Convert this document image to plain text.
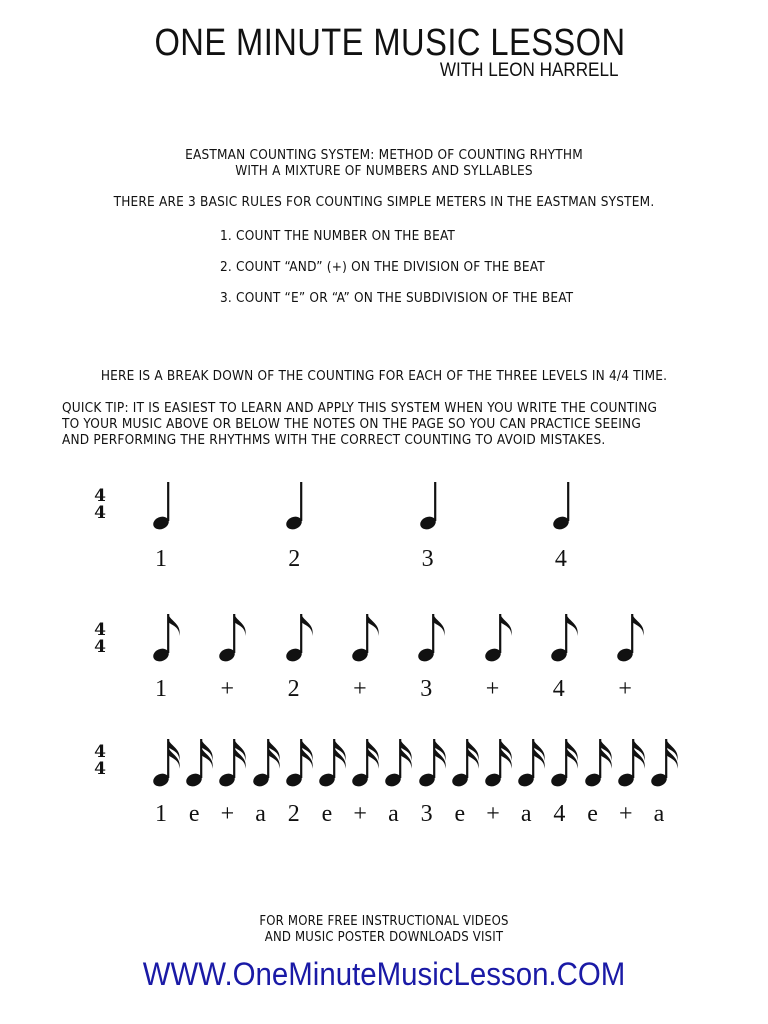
ONE MINUTE MUSIC LESSON
WITH LEON HARRELL
EASTMAN COUNTING SYSTEM: METHOD OF COUNTING RHYTHM
WITH A MIXTURE OF NUMBERS AND SYLLABLES
THERE ARE 3 BASIC RULES FOR COUNTING SIMPLE METERS IN THE EASTMAN SYSTEM.
1. COUNT THE NUMBER ON THE BEAT
2. COUNT “AND” (+) ON THE DIVISION OF THE BEAT
3. COUNT “E” OR “A” ON THE SUBDIVISION OF THE BEAT
HERE IS A BREAK DOWN OF THE COUNTING FOR EACH OF THE THREE LEVELS IN 4/4 TIME.
QUICK TIP: IT IS EASIEST TO LEARN AND APPLY THIS SYSTEM WHEN YOU WRITE THE COUNTING
TO YOUR MUSIC ABOVE OR BELOW THE NOTES ON THE PAGE SO YOU CAN PRACTICE SEEING
AND PERFORMING THE RHYTHMS WITH THE CORRECT COUNTING TO AVOID MISTAKES.
4
4
1	2	3	4
4
4
1	+	2	+	3	+	4	+
4
4
1 e + a 2 e + a 3 e + a 4 e + a
FOR MORE FREE INSTRUCTIONAL VIDEOS
AND MUSIC POSTER DOWNLOADS VISIT
WWW.OneMinuteMusicLesson.COM
